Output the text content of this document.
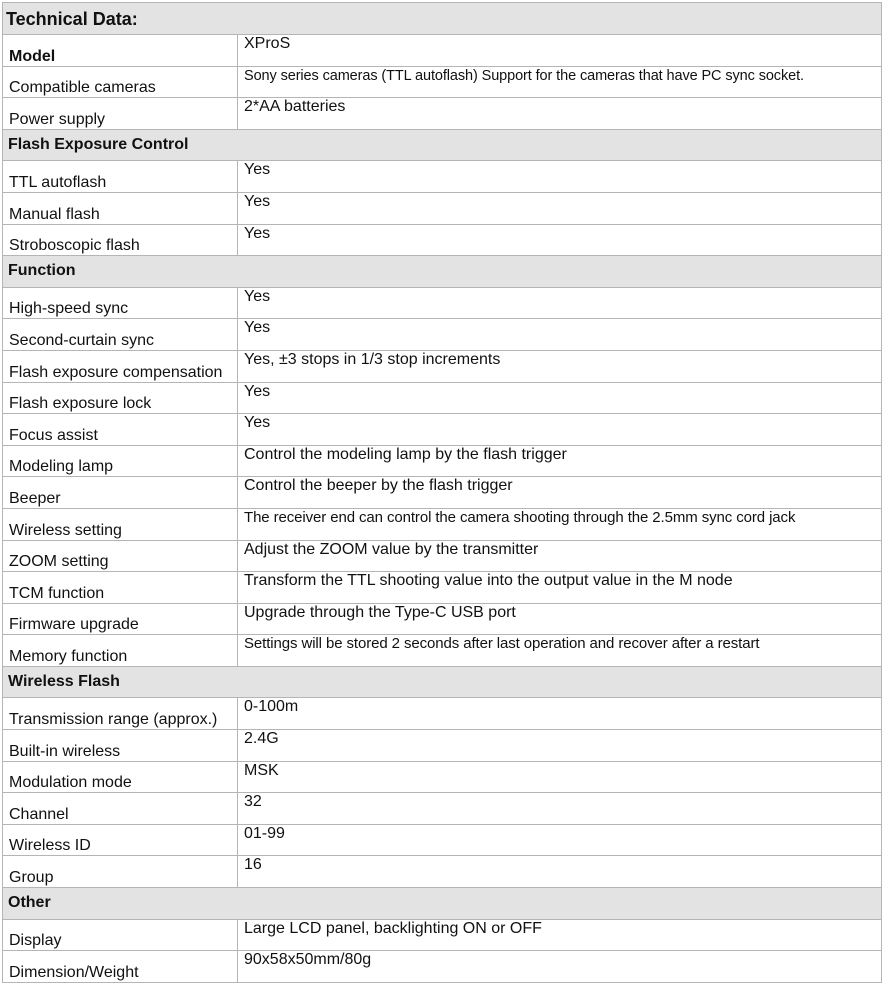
Technical Data:	
Model	XProS
Compatible cameras	Sony series cameras (TTL autoflash) Support for the cameras that have PC sync socket.
Power supply	2*AA batteries
Flash Exposure Control	
TTL autoflash	Yes
Manual flash	Yes
Stroboscopic flash	Yes
Function	
High-speed sync	Yes
Second-curtain sync	Yes
Flash exposure compensation	Yes, ±3 stops in 1/3 stop increments
Flash exposure lock	Yes
Focus assist	Yes
Modeling lamp	Control the modeling lamp by the flash trigger
Beeper	Control the beeper by the flash trigger
Wireless setting	The receiver end can control the camera shooting through the 2.5mm sync cord jack
ZOOM setting	Adjust the ZOOM value by the transmitter
TCM function	Transform the TTL shooting value into the output value in the M node
Firmware upgrade	Upgrade through the Type-C USB port
Memory function	Settings will be stored 2 seconds after last operation and recover after a restart
Wireless Flash	
Transmission range (approx.)	0-100m
Built-in wireless	2.4G
Modulation mode	MSK
Channel	32
Wireless ID	01-99
Group	16
Other	
Display	Large LCD panel, backlighting ON or OFF
Dimension/Weight	90x58x50mm/80g
